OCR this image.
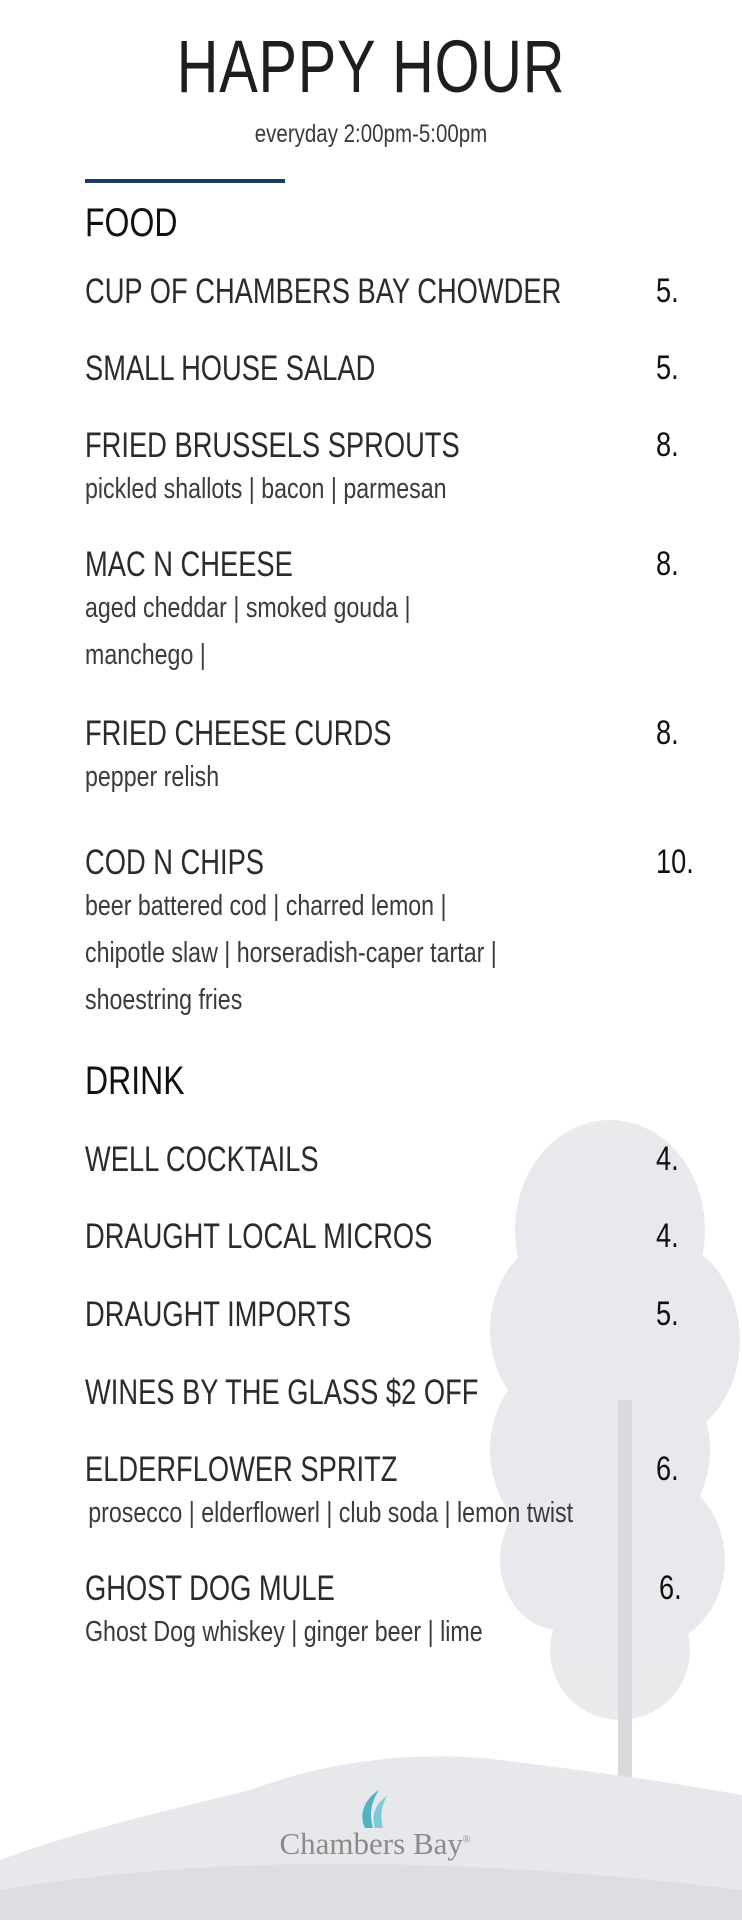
HAPPY HOUR
everyday 2:00pm-5:00pm
FOOD
CUP OF CHAMBERS BAY CHOWDER	5.
SMALL HOUSE SALAD	5.
FRIED BRUSSELS SPROUTS	8.
pickled shallots | bacon | parmesan
MAC N CHEESE	8.
aged cheddar | smoked gouda |
manchego |
FRIED CHEESE CURDS	8.
pepper relish
COD N CHIPS	10.
beer battered cod | charred lemon |
chipotle slaw | horseradish-caper tartar |
shoestring fries
DRINK
WELL COCKTAILS	4.
DRAUGHT LOCAL MICROS	4.
DRAUGHT IMPORTS	5.
WINES BY THE GLASS $2 OFF
ELDERFLOWER SPRITZ	6.
prosecco | elderflowerl | club soda | lemon twist
GHOST DOG MULE	6.
Ghost Dog whiskey | ginger beer | lime
Chambers Bay®
